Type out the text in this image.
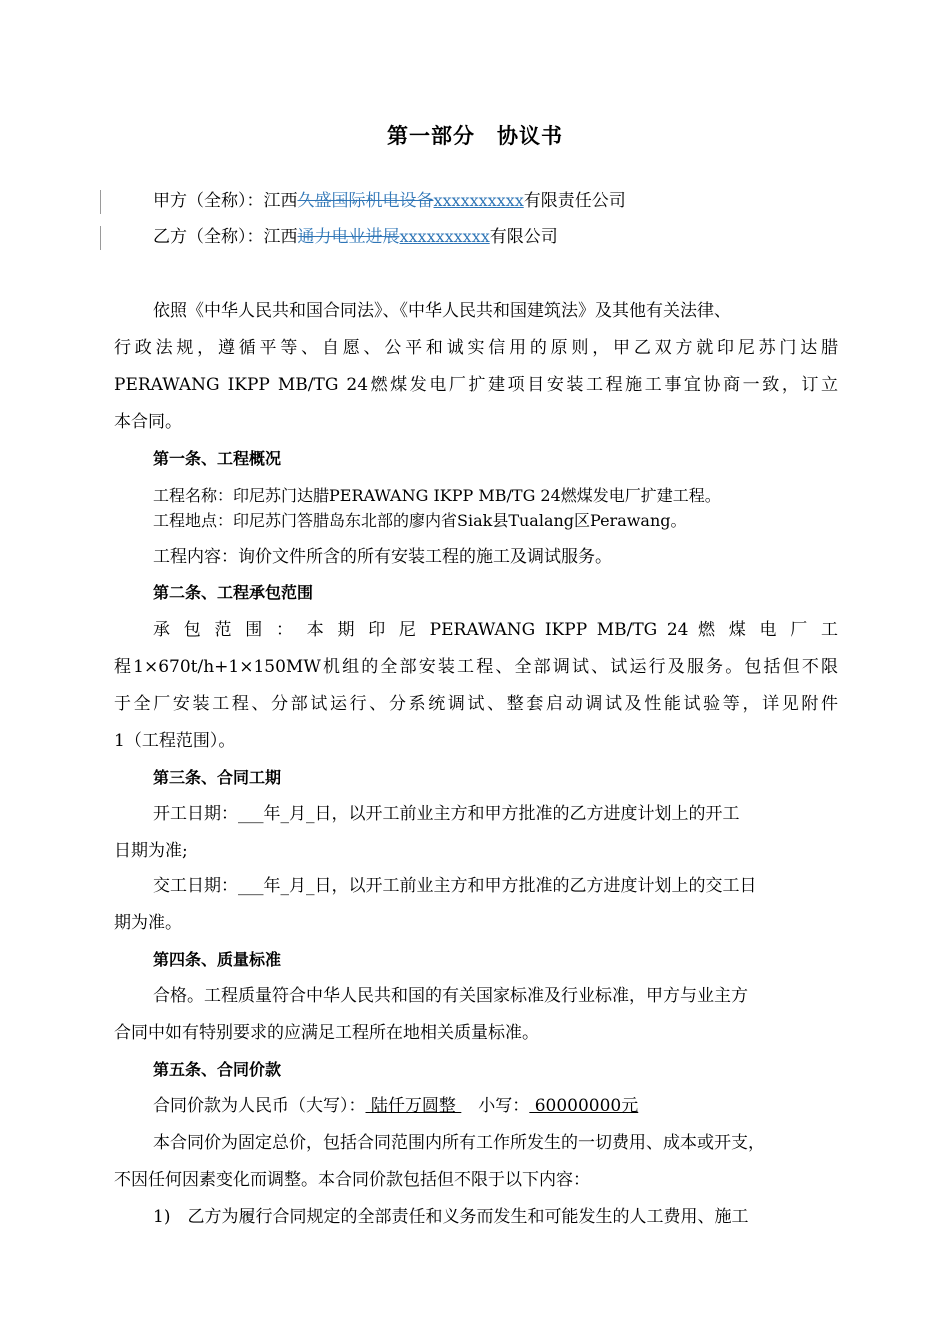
第一部分　协议书
甲方（全称）：江西久盛国际机电设备xxxxxxxxxx有限责任公司
乙方（全称）：江西通力电业进展xxxxxxxxxx有限公司
依照《中华人民共和国合同法》、《中华人民共和国建筑法》及其他有关法律、
行政法规，遵循平等、自愿、公平和诚实信用的原则，甲乙双方就印尼苏门达腊
PERAWANG IKPP MB/TG 24燃煤发电厂扩建项目安装工程施工事宜协商一致，订立
本合同。
第一条、工程概况
工程名称：印尼苏门达腊PERAWANG IKPP MB/TG 24燃煤发电厂扩建工程。
工程地点：印尼苏门答腊岛东北部的廖内省Siak县Tualang区Perawang。
工程内容：询价文件所含的所有安装工程的施工及调试服务。
第二条、工程承包范围
承 包 范 围 ： 本 期 印 尼 PERAWANG IKPP MB/TG 24 燃 煤 电 厂 工
程1×670t/h+1×150MW机组的全部安装工程、全部调试、试运行及服务。包括但不限
于全厂安装工程、分部试运行、分系统调试、整套启动调试及性能试验等，详见附件
1（工程范围）。
第三条、合同工期
开工日期：___年_月_日，以开工前业主方和甲方批准的乙方进度计划上的开工
日期为准;
交工日期：___年_月_日，以开工前业主方和甲方批准的乙方进度计划上的交工日
期为准。
第四条、质量标准
合格。工程质量符合中华人民共和国的有关国家标准及行业标准，甲方与业主方
合同中如有特别要求的应满足工程所在地相关质量标准。
第五条、合同价款
合同价款为人民币（大写）： 陆仟万圆整 　小写： 60000000元
本合同价为固定总价，包括合同范围内所有工作所发生的一切费用、成本或开支，
不因任何因素变化而调整。本合同价款包括但不限于以下内容：
1)　乙方为履行合同规定的全部责任和义务而发生和可能发生的人工费用、施工
